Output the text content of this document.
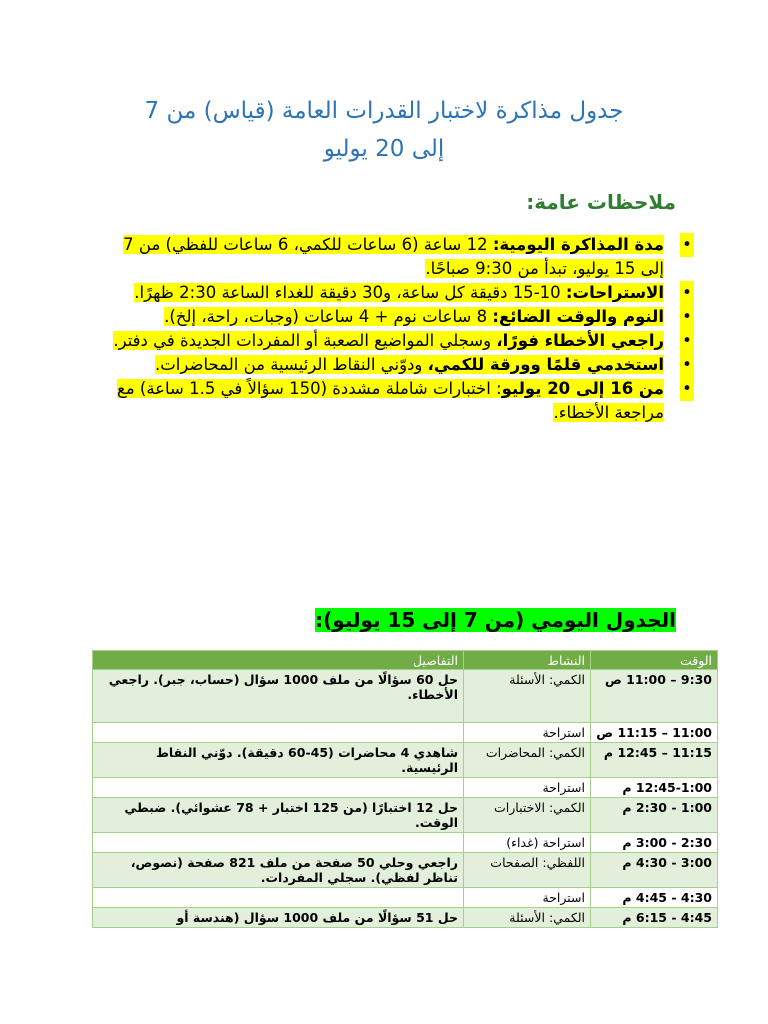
جدول مذاكرة لاختبار القدرات العامة (قياس) من 7
إلى 20 يوليو
ملاحظات عامة:
•
مدة المذاكرة اليومية: 12 ساعة (6 ساعات للكمي، 6 ساعات للفظي) من 7 إلى 15 يوليو، تبدأ من 9:30 صباحًا.
•
الاستراحات: 10-15 دقيقة كل ساعة، و30 دقيقة للغداء الساعة 2:30 ظهرًا.
•
النوم والوقت الضائع: 8 ساعات نوم + 4 ساعات (وجبات، راحة، إلخ).
•
راجعي الأخطاء فورًا، وسجلي المواضيع الصعبة أو المفردات الجديدة في دفتر.
•
استخدمي قلمًا وورقة للكمي، ودوّني النقاط الرئيسية من المحاضرات.
•
من 16 إلى 20 يوليو: اختبارات شاملة مشددة (150 سؤالاً في 1.5 ساعة) مع مراجعة الأخطاء.
الجدول اليومي (من 7 إلى 15 يوليو):
الوقت	النشاط	التفاصيل
9:30 – 11:00 ص	الكمي: الأسئلة	حل 60 سؤالًا من ملف 1000 سؤال (حساب، جبر). راجعي الأخطاء.
11:00 – 11:15 ص	استراحة	
11:15 – 12:45 م	الكمي: المحاضرات	شاهدي 4 محاضرات (45-60 دقيقة). دوّني النقاط الرئيسية.
12:45-1:00 م	استراحة	
1:00 - 2:30 م	الكمي: الاختبارات	حل 12 اختبارًا (من 125 اختبار + 78 عشوائي). ضبطي الوقت.
2:30 - 3:00 م	استراحة (غداء)	
3:00 - 4:30 م	اللفظي: الصفحات	راجعي وحلي 50 صفحة من ملف 821 صفحة (نصوص، تناظر لفظي). سجلي المفردات.
4:30 - 4:45 م	استراحة	
4:45 - 6:15 م	الكمي: الأسئلة	حل 51 سؤالًا من ملف 1000 سؤال (هندسة أو
